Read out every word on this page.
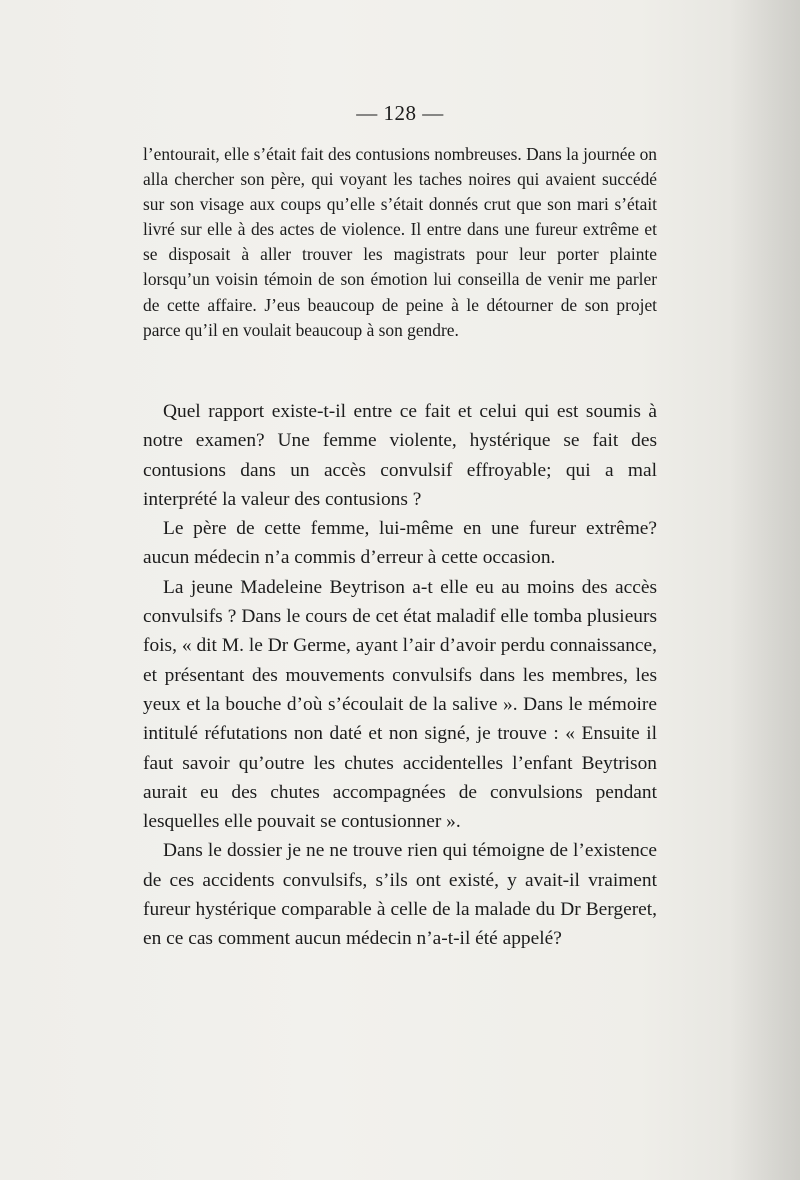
— 128 —

l’entourait, elle s’était fait des contusions nombreuses. Dans la journée on alla chercher son père, qui voyant les taches noires qui avaient succédé sur son visage aux coups qu’elle s’était donnés crut que son mari s’était livré sur elle à des actes de violence. Il entre dans une fureur extrême et se disposait à aller trouver les magistrats pour leur porter plainte lorsqu’un voisin témoin de son émotion lui conseilla de venir me parler de cette affaire. J’eus beaucoup de peine à le détourner de son projet parce qu’il en voulait beaucoup à son gendre.

Quel rapport existe-t-il entre ce fait et celui qui est soumis à notre examen? Une femme violente, hystérique se fait des contusions dans un accès convulsif effroyable; qui a mal interprété la valeur des contusions ?

Le père de cette femme, lui-même en une fureur extrême? aucun médecin n’a commis d’erreur à cette occasion.

La jeune Madeleine Beytrison a-t elle eu au moins des accès convulsifs ? Dans le cours de cet état maladif elle tomba plusieurs fois, « dit M. le Dr Germe, ayant l’air d’avoir perdu connaissance, et présentant des mouvements convulsifs dans les membres, les yeux et la bouche d’où s’écoulait de la salive ». Dans le mémoire intitulé réfutations non daté et non signé, je trouve : « Ensuite il faut savoir qu’outre les chutes accidentelles l’enfant Beytrison aurait eu des chutes accompagnées de convulsions pendant lesquelles elle pouvait se contusionner ».

Dans le dossier je ne ne trouve rien qui témoigne de l’existence de ces accidents convulsifs, s’ils ont existé, y avait-il vraiment fureur hystérique comparable à celle de la malade du Dr Bergeret, en ce cas comment aucun médecin n’a-t-il été appelé?
